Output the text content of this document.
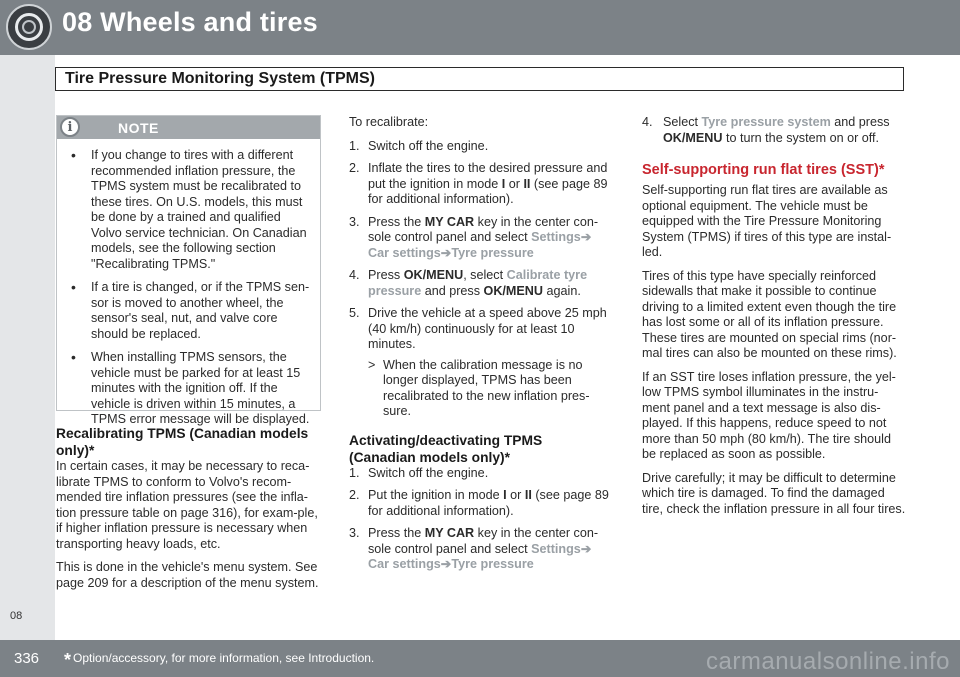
08 Wheels and tires
08
Tire Pressure Monitoring System (TPMS)
i	NOTE
• If you change to tires with a different recommended inflation pressure, the TPMS system must be recalibrated to these tires. On U.S. models, this must be done by a trained and qualified Volvo service technician. On Canadian models, see the following section "Recalibrating TPMS."
• If a tire is changed, or if the TPMS sen-sor is moved to another wheel, the sensor's seal, nut, and valve core should be replaced.
• When installing TPMS sensors, the vehicle must be parked for at least 15 minutes with the ignition off. If the vehicle is driven within 15 minutes, a TPMS error message will be displayed.
Recalibrating TPMS (Canadian models only)*

In certain cases, it may be necessary to reca-librate TPMS to conform to Volvo's recom-mended tire inflation pressures (see the infla-tion pressure table on page 316), for exam-ple, if higher inflation pressure is necessary when transporting heavy loads, etc.

This is done in the vehicle's menu system. See page 209 for a description of the menu system.

To recalibrate:

1. Switch off the engine.
2. Inflate the tires to the desired pressure and put the ignition in mode I or II (see page 89 for additional information).
3. Press the MY CAR key in the center con-sole control panel and select Settings➔
Car settings➔Tyre pressure
4. Press OK/MENU, select Calibrate tyre pressure and press OK/MENU again.
5. Drive the vehicle at a speed above 25 mph (40 km/h) continuously for at least 10 minutes.
> When the calibration message is no longer displayed, TPMS has been recalibrated to the new inflation pres-sure.
Activating/deactivating TPMS (Canadian models only)*
1. Switch off the engine.
2. Put the ignition in mode I or II (see page 89 for additional information).
3. Press the MY CAR key in the center con-sole control panel and select Settings➔
Car settings➔Tyre pressure
4. Select Tyre pressure system and press OK/MENU to turn the system on or off.
Self-supporting run flat tires (SST)*

Self-supporting run flat tires are available as optional equipment. The vehicle must be equipped with the Tire Pressure Monitoring System (TPMS) if tires of this type are instal-led.

Tires of this type have specially reinforced sidewalls that make it possible to continue driving to a limited extent even though the tire has lost some or all of its inflation pressure. These tires are mounted on special rims (nor-mal tires can also be mounted on these rims).

If an SST tire loses inflation pressure, the yel-low TPMS symbol illuminates in the instru-ment panel and a text message is also dis-played. If this happens, reduce speed to not more than 50 mph (80 km/h). The tire should be replaced as soon as possible.

Drive carefully; it may be difficult to determine which tire is damaged. To find the damaged tire, check the inflation pressure in all four tires.

336 * Option/accessory, for more information, see Introduction.	carmanualsonline.info
